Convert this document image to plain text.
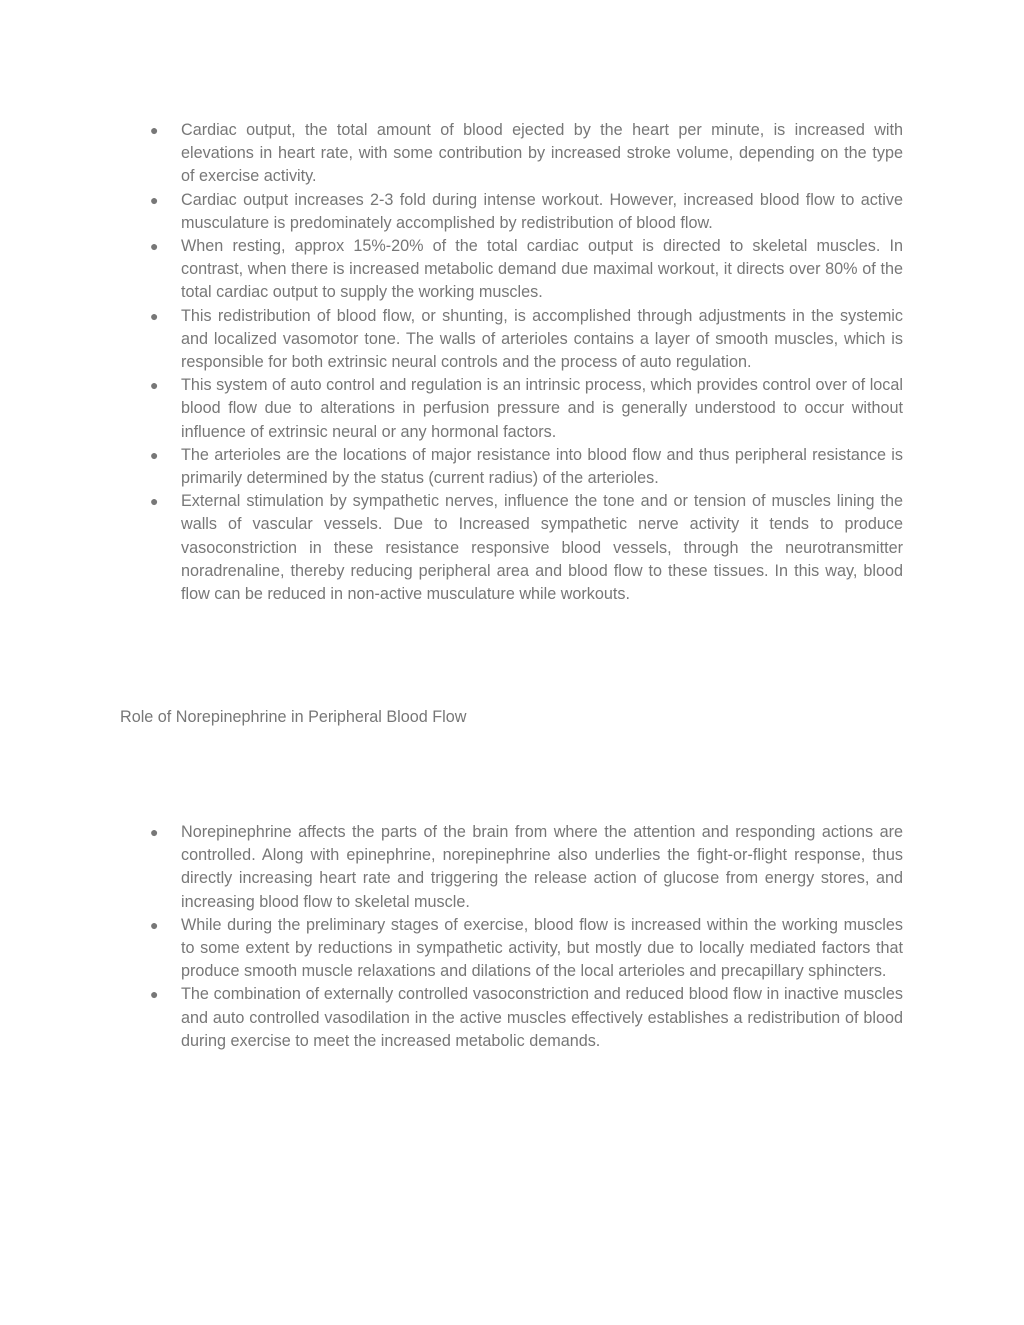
● Cardiac output, the total amount of blood ejected by the heart per minute, is increased with elevations in heart rate, with some contribution by increased stroke volume, depending on the type of exercise activity.
● Cardiac output increases 2-3 fold during intense workout. However, increased blood flow to active musculature is predominately accomplished by redistribution of blood flow.
● When resting, approx 15%-20% of the total cardiac output is directed to skeletal muscles. In contrast, when there is increased metabolic demand due maximal workout, it directs over 80% of the total cardiac output to supply the working muscles.
● This redistribution of blood flow, or shunting, is accomplished through adjustments in the systemic and localized vasomotor tone. The walls of arterioles contains a layer of smooth muscles, which is responsible for both extrinsic neural controls and the process of auto regulation.
● This system of auto control and regulation is an intrinsic process, which provides control over of local blood flow due to alterations in perfusion pressure and is generally understood to occur without influence of extrinsic neural or any hormonal factors.
● The arterioles are the locations of major resistance into blood flow and thus peripheral resistance is primarily determined by the status (current radius) of the arterioles.
● External stimulation by sympathetic nerves, influence the tone and or tension of muscles lining the walls of vascular vessels. Due to Increased sympathetic nerve activity it tends to produce vasoconstriction in these resistance responsive blood vessels, through the neurotransmitter noradrenaline, thereby reducing peripheral area and blood flow to these tissues. In this way, blood flow can be reduced in non-active musculature while workouts.
Role of Norepinephrine in Peripheral Blood Flow
● Norepinephrine affects the parts of the brain from where the attention and responding actions are controlled. Along with epinephrine, norepinephrine also underlies the fight-or-flight response, thus directly increasing heart rate and triggering the release action of glucose from energy stores, and increasing blood flow to skeletal muscle.
● While during the preliminary stages of exercise, blood flow is increased within the working muscles to some extent by reductions in sympathetic activity, but mostly due to locally mediated factors that produce smooth muscle relaxations and dilations of the local arterioles and precapillary sphincters.
● The combination of externally controlled vasoconstriction and reduced blood flow in inactive muscles and auto controlled vasodilation in the active muscles effectively establishes a redistribution of blood during exercise to meet the increased metabolic demands.
